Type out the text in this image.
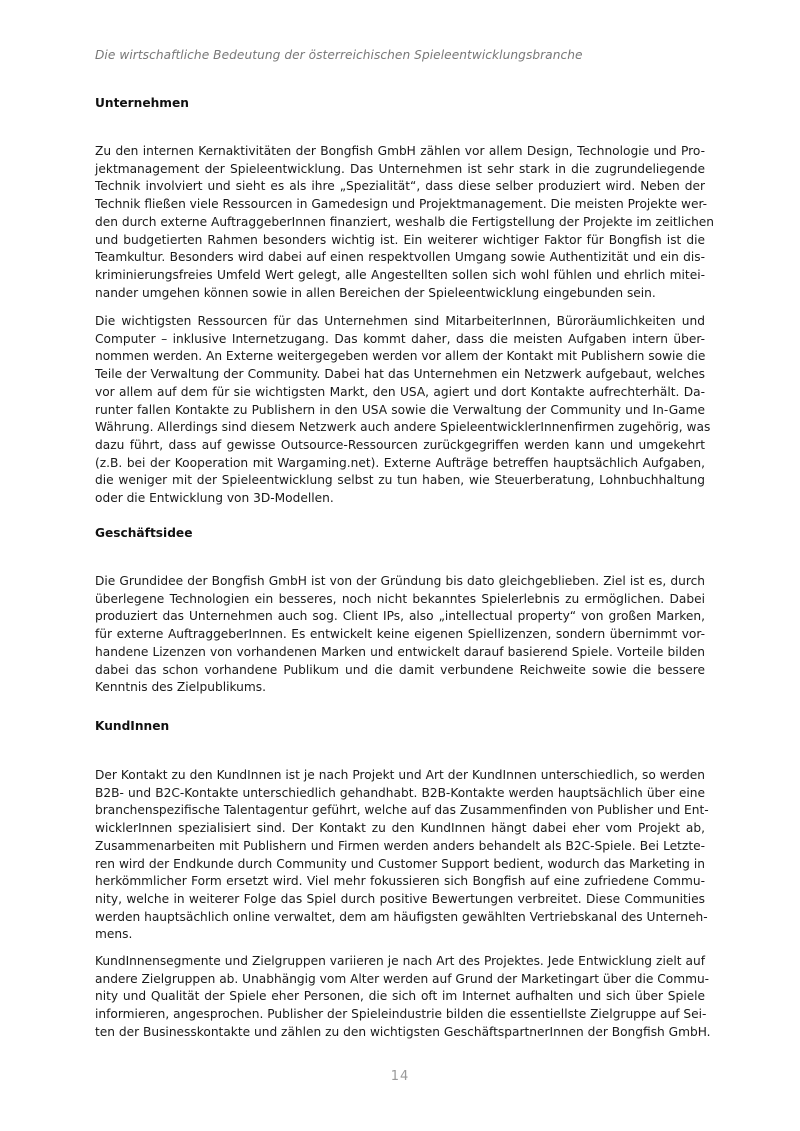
Die wirtschaftliche Bedeutung der österreichischen Spieleentwicklungsbranche
Unternehmen
Zu den internen Kernaktivitäten der Bongfish GmbH zählen vor allem Design, Technologie und Pro-
jektmanagement der Spieleentwicklung. Das Unternehmen ist sehr stark in die zugrundeliegende
Technik involviert und sieht es als ihre „Spezialität“, dass diese selber produziert wird. Neben der
Technik fließen viele Ressourcen in Gamedesign und Projektmanagement. Die meisten Projekte wer-
den durch externe AuftraggeberInnen finanziert, weshalb die Fertigstellung der Projekte im zeitlichen
und budgetierten Rahmen besonders wichtig ist. Ein weiterer wichtiger Faktor für Bongfish ist die
Teamkultur. Besonders wird dabei auf einen respektvollen Umgang sowie Authentizität und ein dis-
kriminierungsfreies Umfeld Wert gelegt, alle Angestellten sollen sich wohl fühlen und ehrlich mitei-
nander umgehen können sowie in allen Bereichen der Spieleentwicklung eingebunden sein.
Die wichtigsten Ressourcen für das Unternehmen sind MitarbeiterInnen, Büroräumlichkeiten und
Computer – inklusive Internetzugang. Das kommt daher, dass die meisten Aufgaben intern über-
nommen werden. An Externe weitergegeben werden vor allem der Kontakt mit Publishern sowie die
Teile der Verwaltung der Community. Dabei hat das Unternehmen ein Netzwerk aufgebaut, welches
vor allem auf dem für sie wichtigsten Markt, den USA, agiert und dort Kontakte aufrechterhält. Da-
runter fallen Kontakte zu Publishern in den USA sowie die Verwaltung der Community und In-Game
Währung. Allerdings sind diesem Netzwerk auch andere SpieleentwicklerInnenfirmen zugehörig, was
dazu führt, dass auf gewisse Outsource-Ressourcen zurückgegriffen werden kann und umgekehrt
(z.B. bei der Kooperation mit Wargaming.net). Externe Aufträge betreffen hauptsächlich Aufgaben,
die weniger mit der Spieleentwicklung selbst zu tun haben, wie Steuerberatung, Lohnbuchhaltung
oder die Entwicklung von 3D-Modellen.
Geschäftsidee
Die Grundidee der Bongfish GmbH ist von der Gründung bis dato gleichgeblieben. Ziel ist es, durch
überlegene Technologien ein besseres, noch nicht bekanntes Spielerlebnis zu ermöglichen. Dabei
produziert das Unternehmen auch sog. Client IPs, also „intellectual property“ von großen Marken,
für externe AuftraggeberInnen. Es entwickelt keine eigenen Spiellizenzen, sondern übernimmt vor-
handene Lizenzen von vorhandenen Marken und entwickelt darauf basierend Spiele. Vorteile bilden
dabei das schon vorhandene Publikum und die damit verbundene Reichweite sowie die bessere
Kenntnis des Zielpublikums.
KundInnen
Der Kontakt zu den KundInnen ist je nach Projekt und Art der KundInnen unterschiedlich, so werden
B2B- und B2C-Kontakte unterschiedlich gehandhabt. B2B-Kontakte werden hauptsächlich über eine
branchenspezifische Talentagentur geführt, welche auf das Zusammenfinden von Publisher und Ent-
wicklerInnen spezialisiert sind. Der Kontakt zu den KundInnen hängt dabei eher vom Projekt ab,
Zusammenarbeiten mit Publishern und Firmen werden anders behandelt als B2C-Spiele. Bei Letzte-
ren wird der Endkunde durch Community und Customer Support bedient, wodurch das Marketing in
herkömmlicher Form ersetzt wird. Viel mehr fokussieren sich Bongfish auf eine zufriedene Commu-
nity, welche in weiterer Folge das Spiel durch positive Bewertungen verbreitet. Diese Communities
werden hauptsächlich online verwaltet, dem am häufigsten gewählten Vertriebskanal des Unterneh-
mens.
KundInnensegmente und Zielgruppen variieren je nach Art des Projektes. Jede Entwicklung zielt auf
andere Zielgruppen ab. Unabhängig vom Alter werden auf Grund der Marketingart über die Commu-
nity und Qualität der Spiele eher Personen, die sich oft im Internet aufhalten und sich über Spiele
informieren, angesprochen. Publisher der Spieleindustrie bilden die essentiellste Zielgruppe auf Sei-
ten der Businesskontakte und zählen zu den wichtigsten GeschäftspartnerInnen der Bongfish GmbH.
14
